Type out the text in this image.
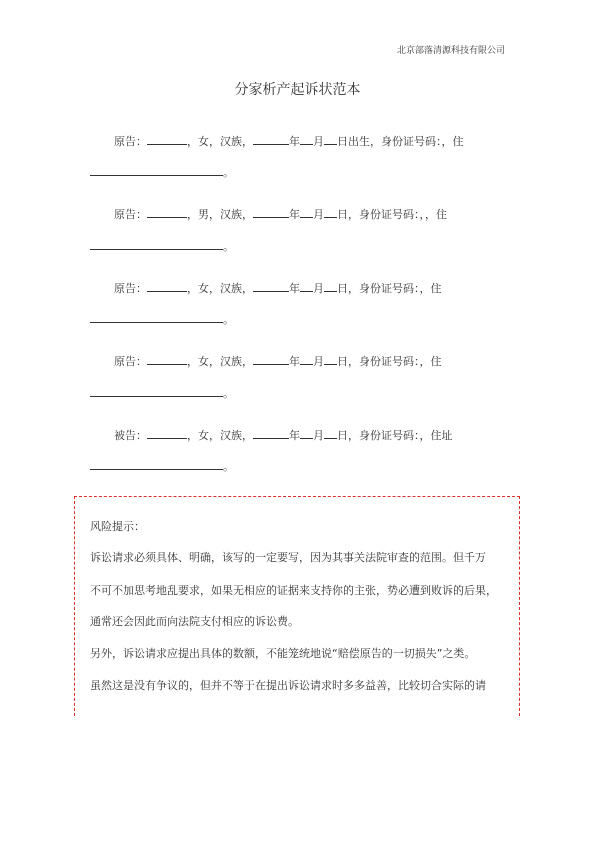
北京部落清源科技有限公司
分家析产起诉状范本
原告：	，女，汉族，	年 月 日出生，身份证号码：，住
。
原告：	，男，汉族，	年 月 日，身份证号码：，，住
。
原告：	，女，汉族，	年 月 日，身份证号码：，住
。
原告：	，女，汉族，	年 月 日，身份证号码：，住
。
被告：	，女，汉族，	年 月 日，身份证号码：，住址
。
风险提示：
诉讼请求必须具体、明确，该写的一定要写，因为其事关法院审查的范围。但千万
不可不加思考地乱要求，如果无相应的证据来支持你的主张，势必遭到败诉的后果，
通常还会因此而向法院支付相应的诉讼费。
另外，诉讼请求应提出具体的数额，不能笼统地说“赔偿原告的一切损失”之类。
虽然这是没有争议的，但并不等于在提出诉讼请求时多多益善，比较切合实际的请
